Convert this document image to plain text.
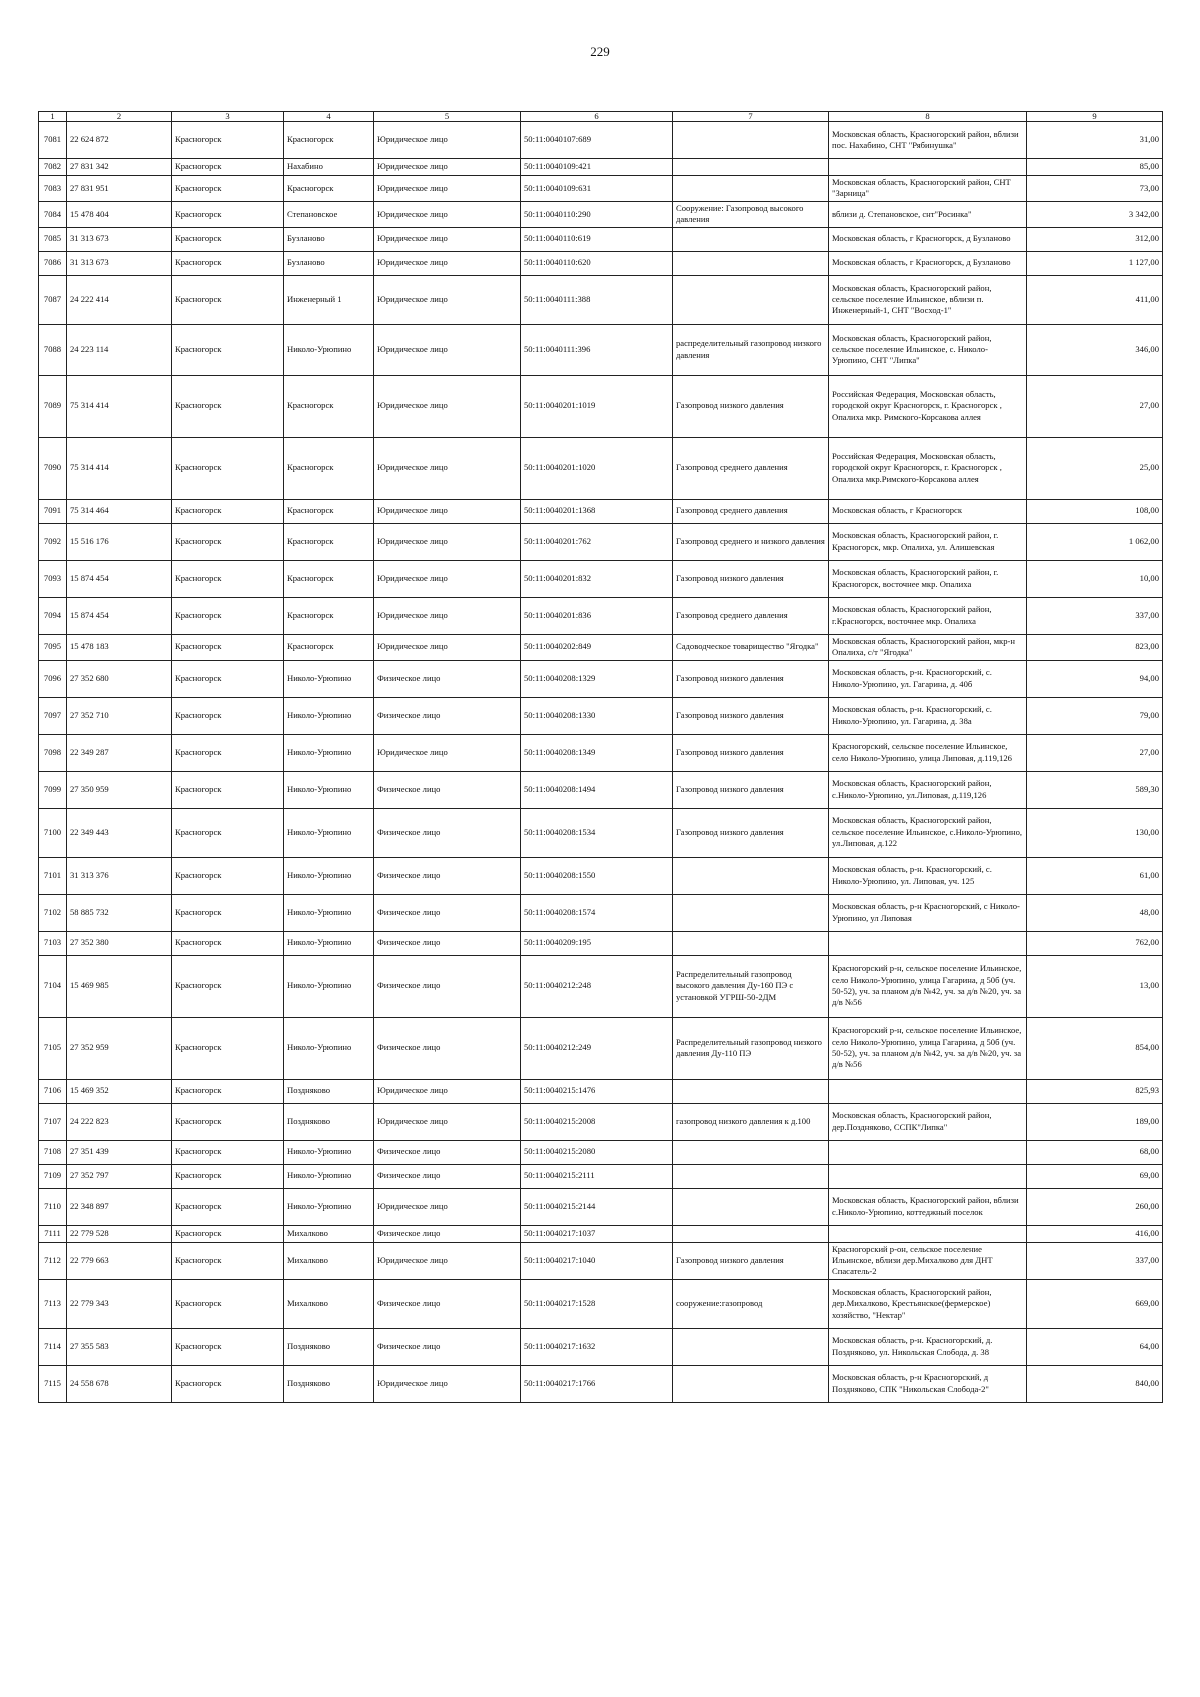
229
1	2	3	4	5	6	7	8	9
7081	22 624 872	Красногорск	Красногорск	Юридическое лицо	50:11:0040107:689		Московская область, Красногорский район, вблизи пос. Нахабино, СНТ "Рябинушка"	31,00
7082	27 831 342	Красногорск	Нахабино	Юридическое лицо	50:11:0040109:421			85,00
7083	27 831 951	Красногорск	Красногорск	Юридическое лицо	50:11:0040109:631		Московская область, Красногорский район, СНТ "Зарница"	73,00
7084	15 478 404	Красногорск	Степановское	Юридическое лицо	50:11:0040110:290	Сооружение: Газопровод высокого давления	вблизи д. Степановское, снт"Росинка"	3 342,00
7085	31 313 673	Красногорск	Бузланово	Юридическое лицо	50:11:0040110:619		Московская область, г Красногорск, д Бузланово	312,00
7086	31 313 673	Красногорск	Бузланово	Юридическое лицо	50:11:0040110:620		Московская область, г Красногорск, д Бузланово	1 127,00
7087	24 222 414	Красногорск	Инженерный 1	Юридическое лицо	50:11:0040111:388		Московская область, Красногорский район, сельское поселение Ильинское, вблизи п. Инженерный-1, СНТ "Восход-1"	411,00
7088	24 223 114	Красногорск	Николо-Урюпино	Юридическое лицо	50:11:0040111:396	распределительный газопровод низкого давления	Московская область, Красногорский район, сельское поселение Ильинское, с. Николо-Урюпино, СНТ "Липка"	346,00
7089	75 314 414	Красногорск	Красногорск	Юридическое лицо	50:11:0040201:1019	Газопровод низкого давления	Российская Федерация, Московская область, городской округ Красногорск, г. Красногорск , Опалиха мкр. Римского-Корсакова аллея	27,00
7090	75 314 414	Красногорск	Красногорск	Юридическое лицо	50:11:0040201:1020	Газопровод среднего давления	Российская Федерация, Московская область, городской округ Красногорск, г. Красногорск , Опалиха мкр.Римского-Корсакова аллея	25,00
7091	75 314 464	Красногорск	Красногорск	Юридическое лицо	50:11:0040201:1368	Газопровод среднего давления	Московская область, г Красногорск	108,00
7092	15 516 176	Красногорск	Красногорск	Юридическое лицо	50:11:0040201:762	Газопровод среднего и низкого давления	Московская область, Красногорский район, г. Красногорск, мкр. Опалиха, ул. Алишевская	1 062,00
7093	15 874 454	Красногорск	Красногорск	Юридическое лицо	50:11:0040201:832	Газопровод низкого давления	Московская область, Красногорский район, г. Красногорск, восточнее мкр. Опалиха	10,00
7094	15 874 454	Красногорск	Красногорск	Юридическое лицо	50:11:0040201:836	Газопровод среднего давления	Московская область, Красногорский район, г.Красногорск, восточнее мкр. Опалиха	337,00
7095	15 478 183	Красногорск	Красногорск	Юридическое лицо	50:11:0040202:849	Садоводческое товарищество "Ягодка"	Московская область, Красногорский район, мкр-н Опалиха, с/т "Ягодка"	823,00
7096	27 352 680	Красногорск	Николо-Урюпино	Физическое лицо	50:11:0040208:1329	Газопровод низкого давления	Московская область, р-н. Красногорский, с. Николо-Урюпино, ул. Гагарина, д. 40б	94,00
7097	27 352 710	Красногорск	Николо-Урюпино	Физическое лицо	50:11:0040208:1330	Газопровод низкого давления	Московская область, р-н. Красногорский, с. Николо-Урюпино, ул. Гагарина, д. 38а	79,00
7098	22 349 287	Красногорск	Николо-Урюпино	Юридическое лицо	50:11:0040208:1349	Газопровод низкого давления	Красногорский, сельское поселение Ильинское, село Николо-Урюпино, улица Липовая, д.119,126	27,00
7099	27 350 959	Красногорск	Николо-Урюпино	Физическое лицо	50:11:0040208:1494	Газопровод низкого давления	Московская область, Красногорский район, с.Николо-Урюпино, ул.Липовая, д.119,126	589,30
7100	22 349 443	Красногорск	Николо-Урюпино	Физическое лицо	50:11:0040208:1534	Газопровод низкого давления	Московская область, Красногорский район, сельское поселение Ильинское, с.Николо-Урюпино, ул.Липовая, д.122	130,00
7101	31 313 376	Красногорск	Николо-Урюпино	Физическое лицо	50:11:0040208:1550		Московская область, р-н. Красногорский, с. Николо-Урюпино, ул. Липовая, уч. 125	61,00
7102	58 885 732	Красногорск	Николо-Урюпино	Физическое лицо	50:11:0040208:1574		Московская область, р-н Красногорский, с Николо-Урюпино, ул Липовая	48,00
7103	27 352 380	Красногорск	Николо-Урюпино	Физическое лицо	50:11:0040209:195			762,00
7104	15 469 985	Красногорск	Николо-Урюпино	Физическое лицо	50:11:0040212:248	Распределительный газопровод высокого давления Ду-160 ПЭ с установкой УГРШ-50-2ДМ	Красногорский р-н, сельское поселение Ильинское, село Николо-Урюпино, улица Гагарина, д 50б (уч. 50-52), уч. за планом д/в №42, уч. за д/в №20, уч. за д/в №56	13,00
7105	27 352 959	Красногорск	Николо-Урюпино	Физическое лицо	50:11:0040212:249	Распределительный газопровод низкого давления Ду-110 ПЭ	Красногорский р-н, сельское поселение Ильинское, село Николо-Урюпино, улица Гагарина, д 50б (уч. 50-52), уч. за планом д/в №42, уч. за д/в №20, уч. за д/в №56	854,00
7106	15 469 352	Красногорск	Поздняково	Юридическое лицо	50:11:0040215:1476			825,93
7107	24 222 823	Красногорск	Поздняково	Юридическое лицо	50:11:0040215:2008	газопровод низкого давления к д.100	Московская область, Красногорский район, дер.Поздняково, ССПК"Липка"	189,00
7108	27 351 439	Красногорск	Николо-Урюпино	Физическое лицо	50:11:0040215:2080			68,00
7109	27 352 797	Красногорск	Николо-Урюпино	Физическое лицо	50:11:0040215:2111			69,00
7110	22 348 897	Красногорск	Николо-Урюпино	Юридическое лицо	50:11:0040215:2144		Московская область, Красногорский район, вблизи с.Николо-Урюпино, коттеджный поселок	260,00
7111	22 779 528	Красногорск	Михалково	Физическое лицо	50:11:0040217:1037			416,00
7112	22 779 663	Красногорск	Михалково	Юридическое лицо	50:11:0040217:1040	Газопровод низкого давления	Красногорский р-он, сельское поселение Ильинское, вблизи дер.Михалково для ДНТ Спасатель-2	337,00
7113	22 779 343	Красногорск	Михалково	Физическое лицо	50:11:0040217:1528	сооружение:газопровод	Московская область, Красногорский район, дер.Михалково, Крестьянское(фермерское) хозяйство, "Нектар"	669,00
7114	27 355 583	Красногорск	Поздняково	Физическое лицо	50:11:0040217:1632		Московская область, р-н. Красногорский, д. Поздняково, ул. Никольская Слобода, д. 38	64,00
7115	24 558 678	Красногорск	Поздняково	Юридическое лицо	50:11:0040217:1766		Московская область, р-н Красногорский, д Поздняково, СПК "Никольская Слобода-2"	840,00
